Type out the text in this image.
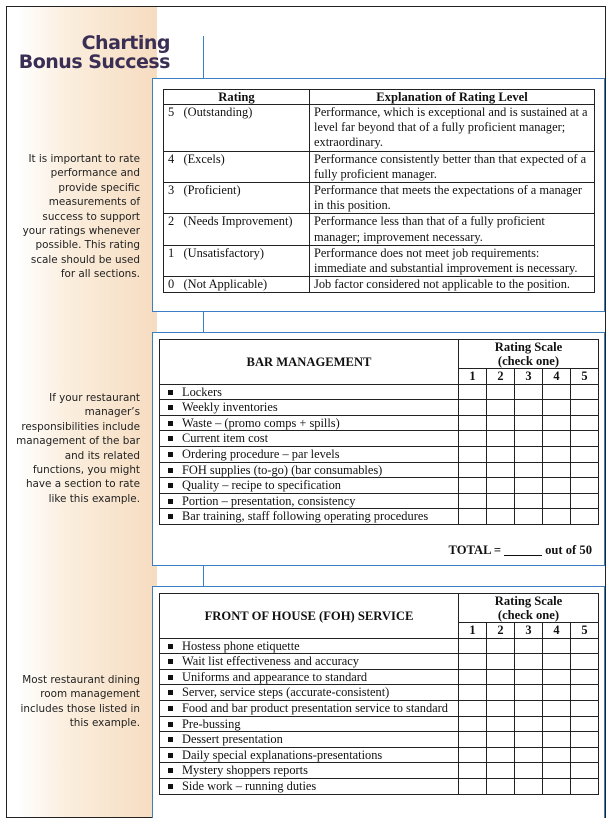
Charting
Bonus Success
It is important to rate performance and provide specific measurements of success to support your ratings whenever possible. This rating scale should be used for all sections.
If your restaurant manager’s responsibilities include management of the bar and its related functions, you might have a section to rate like this example.
Most restaurant dining room management includes those listed in this example.
Rating	Explanation of Rating Level
5   (Outstanding)	Performance, which is exceptional and is sustained at a level far beyond that of a fully proficient manager; extraordinary.
4   (Excels)	Performance consistently better than that expected of a fully proficient manager.
3   (Proficient)	Performance that meets the expectations of a manager in this position.
2   (Needs Improvement)	Performance less than that of a fully proficient manager; improvement necessary.
1   (Unsatisfactory)	Performance does not meet job requirements: immediate and substantial improvement is necessary.
0   (Not Applicable)	Job factor considered not applicable to the position.
BAR MANAGEMENT	Rating Scale
(check one)				
	1	2	3	4	5

Lockers					

Weekly inventories					

Waste – (promo comps + spills)					

Current item cost					

Ordering procedure – par levels					

FOH supplies (to-go) (bar consumables)					

Quality – recipe to specification					

Portion – presentation, consistency					

Bar training, staff following operating procedures					

TOTAL =	out of 50
FRONT OF HOUSE (FOH) SERVICE	Rating Scale
(check one)				
	1	2	3	4	5

Hostess phone etiquette					

Wait list effectiveness and accuracy					

Uniforms and appearance to standard					

Server, service steps (accurate-consistent)					

Food and bar product presentation service to standard					

Pre-bussing					

Dessert presentation					

Daily special explanations-presentations					

Mystery shoppers reports					

Side work – running duties					
